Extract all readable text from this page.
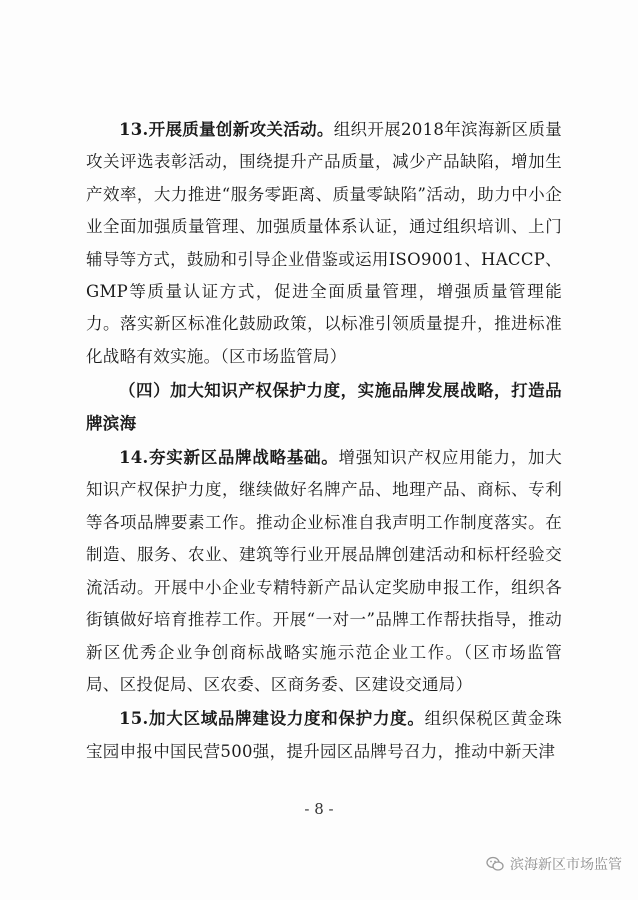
13.开展质量创新攻关活动。组织开展2018年滨海新区质量攻关评选表彰活动，围绕提升产品质量，减少产品缺陷，增加生产效率，大力推进“服务零距离、质量零缺陷”活动，助力中小企业全面加强质量管理、加强质量体系认证，通过组织培训、上门辅导等方式，鼓励和引导企业借鉴或运用ISO9001、HACCP、GMP等质量认证方式，促进全面质量管理，增强质量管理能力。落实新区标准化鼓励政策，以标准引领质量提升，推进标准化战略有效实施。（区市场监管局）

（四）加大知识产权保护力度，实施品牌发展战略，打造品牌滨海

14.夯实新区品牌战略基础。增强知识产权应用能力，加大知识产权保护力度，继续做好名牌产品、地理产品、商标、专利等各项品牌要素工作。推动企业标准自我声明工作制度落实。在制造、服务、农业、建筑等行业开展品牌创建活动和标杆经验交流活动。开展中小企业专精特新产品认定奖励申报工作，组织各街镇做好培育推荐工作。开展“一对一”品牌工作帮扶指导，推动新区优秀企业争创商标战略实施示范企业工作。（区市场监管局、区投促局、区农委、区商务委、区建设交通局）

15.加大区域品牌建设力度和保护力度。组织保税区黄金珠宝园申报中国民营500强，提升园区品牌号召力，推动中新天津

- 8 -
滨海新区市场监管
